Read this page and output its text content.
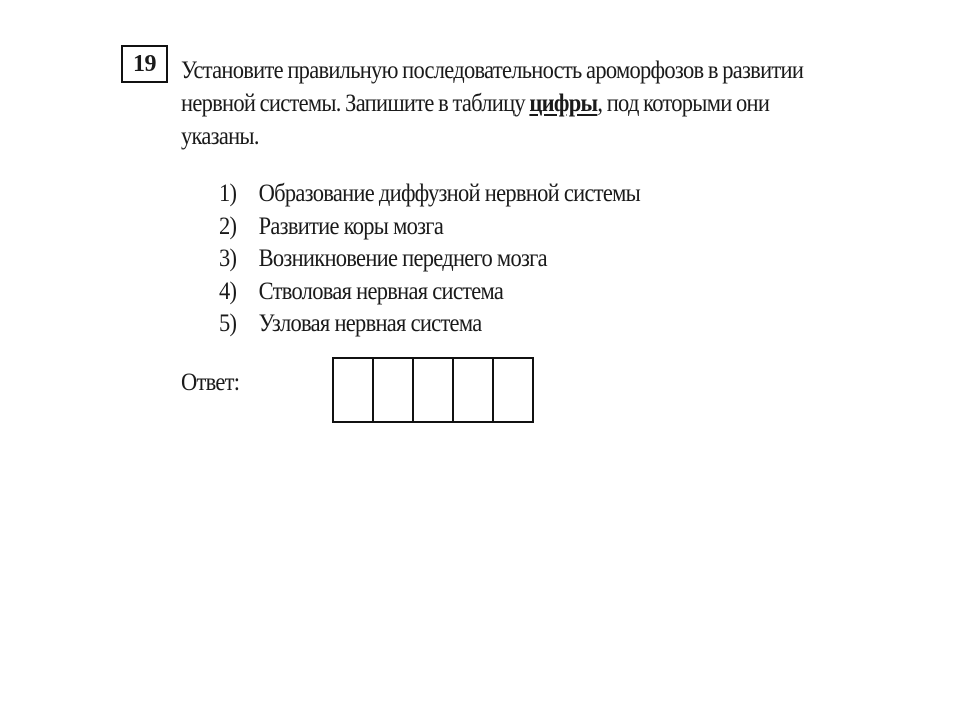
19 Установите правильную последовательность ароморфозов в развитии
нервной системы. Запишите в таблицу цифры, под которыми они
указаны.
1) Образование диффузной нервной системы
2) Развитие коры мозга
3) Возникновение переднего мозга
4) Стволовая нервная система
5) Узловая нервная система
Ответ:
